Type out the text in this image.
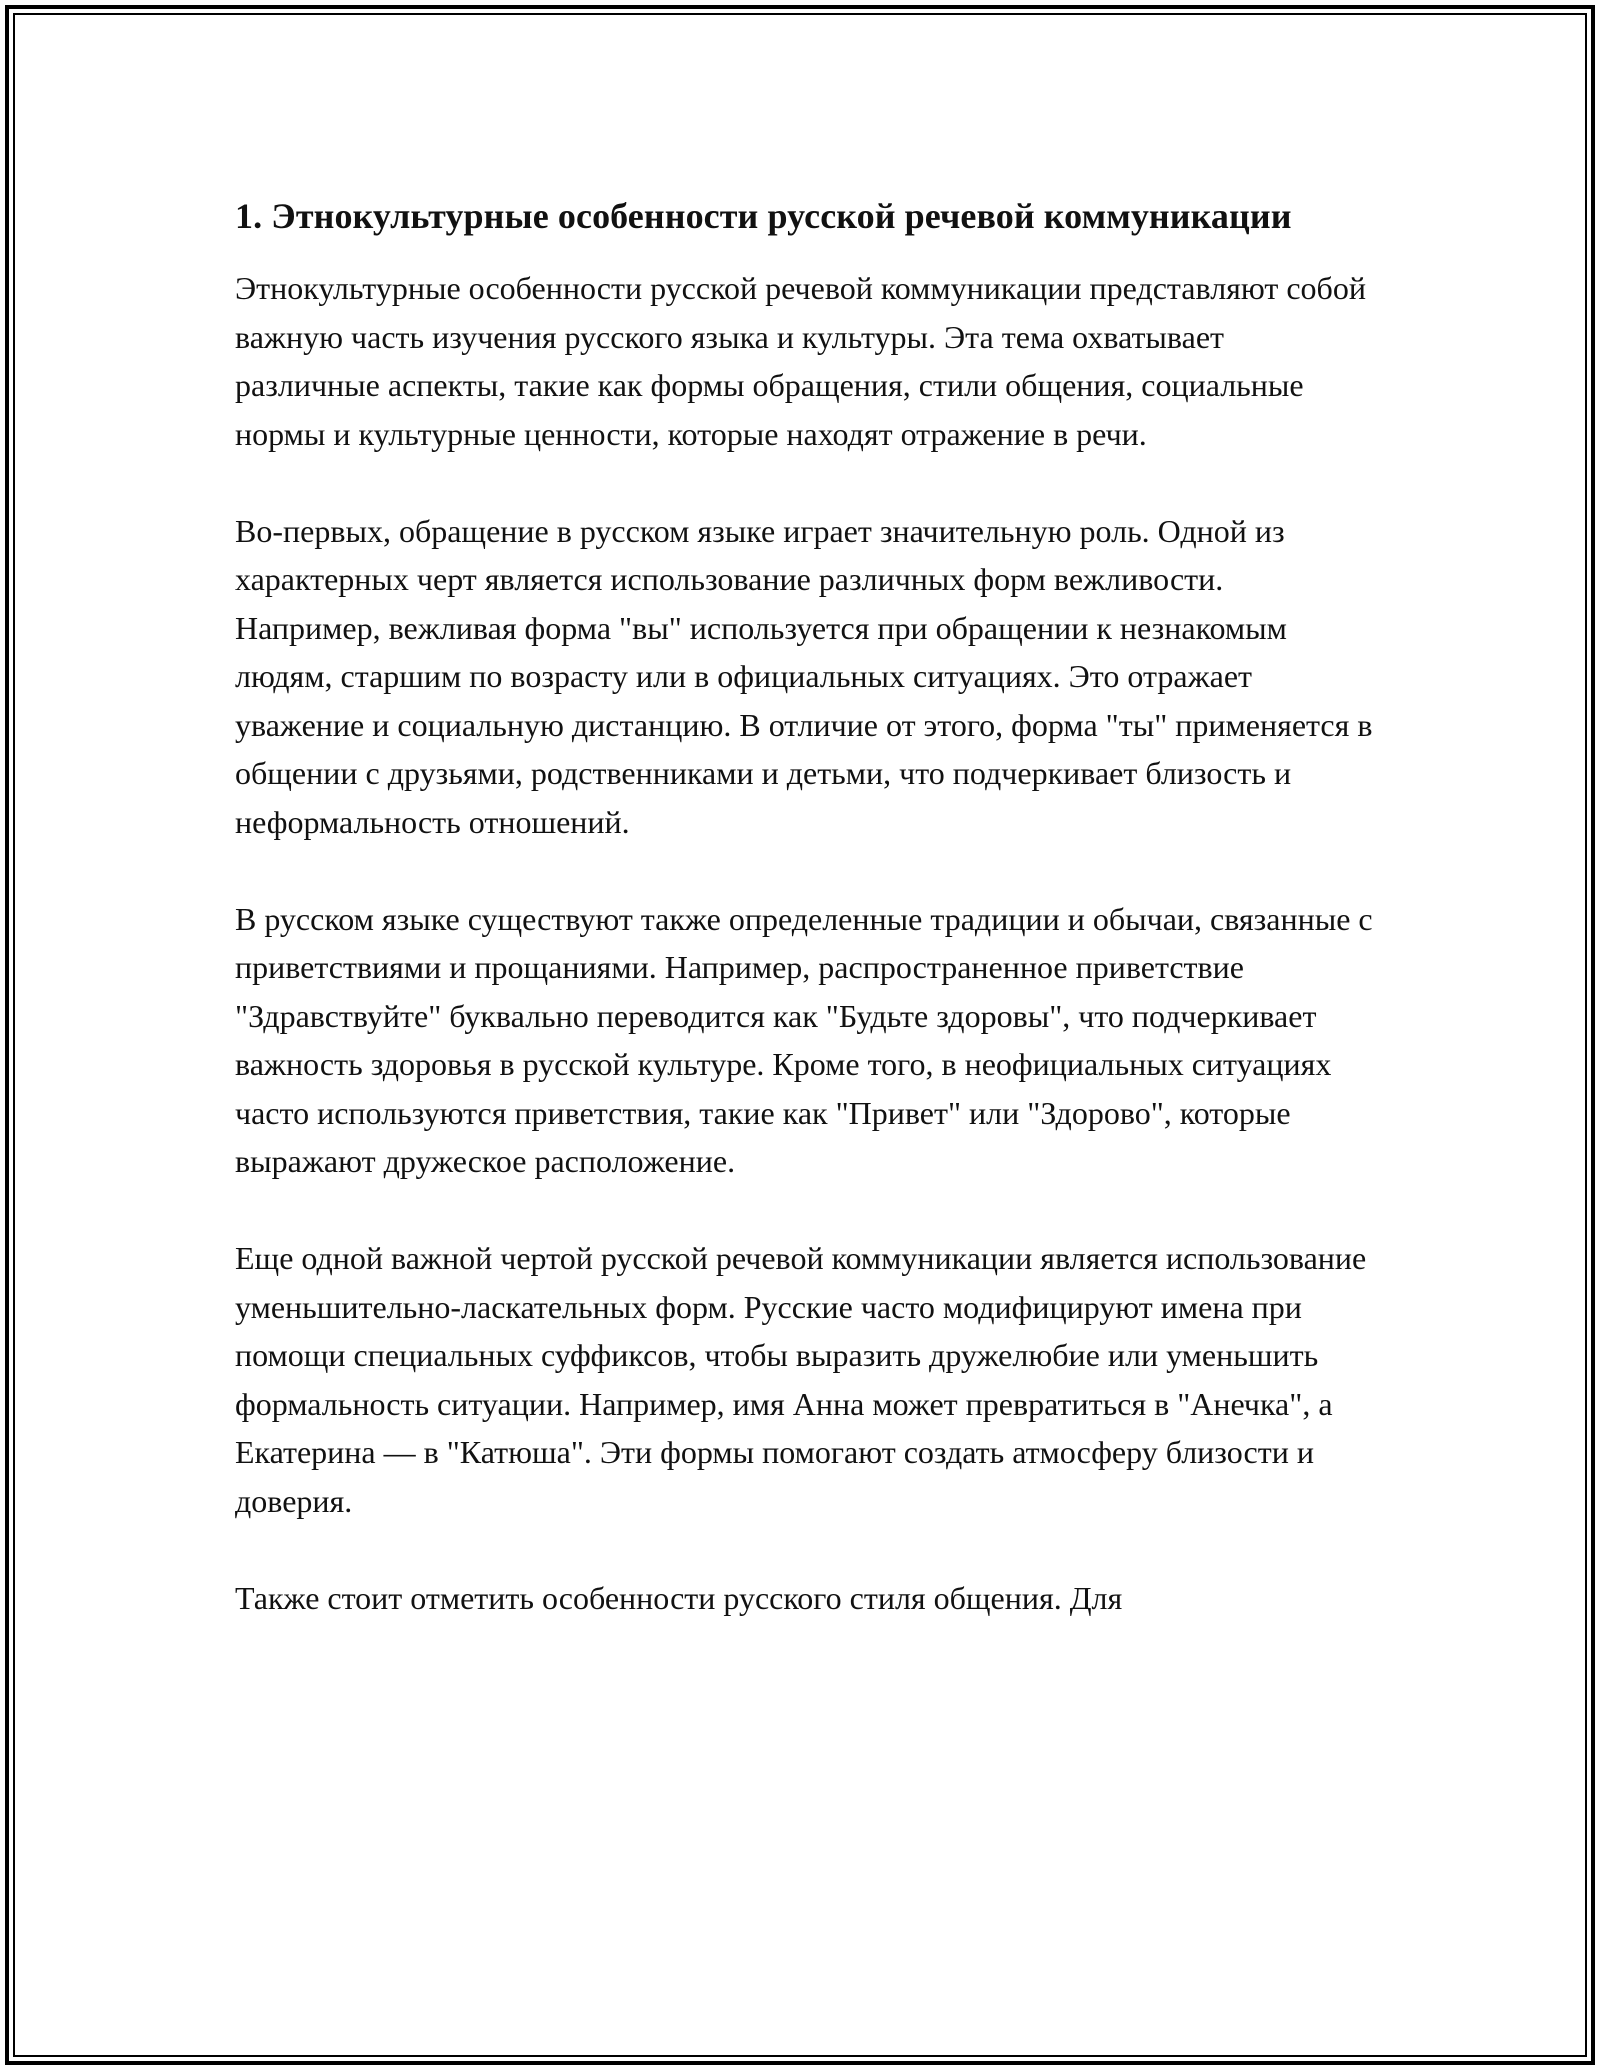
1. Этнокультурные особенности русской речевой коммуникации

Этнокультурные особенности русской речевой коммуникации представляют собой важную часть изучения русского языка и культуры. Эта тема охватывает различные аспекты, такие как формы обращения, стили общения, социальные нормы и культурные ценности, которые находят отражение в речи.

Во-первых, обращение в русском языке играет значительную роль. Одной из характерных черт является использование различных форм вежливости. Например, вежливая форма "вы" используется при обращении к незнакомым людям, старшим по возрасту или в официальных ситуациях. Это отражает уважение и социальную дистанцию. В отличие от этого, форма "ты" применяется в общении с друзьями, родственниками и детьми, что подчеркивает близость и неформальность отношений.

В русском языке существуют также определенные традиции и обычаи, связанные с приветствиями и прощаниями. Например, распространенное приветствие "Здравствуйте" буквально переводится как "Будьте здоровы", что подчеркивает важность здоровья в русской культуре. Кроме того, в неофициальных ситуациях часто используются приветствия, такие как "Привет" или "Здорово", которые выражают дружеское расположение.

Еще одной важной чертой русской речевой коммуникации является использование уменьшительно-ласкательных форм. Русские часто модифицируют имена при помощи специальных суффиксов, чтобы выразить дружелюбие или уменьшить формальность ситуации. Например, имя Анна может превратиться в "Анечка", а Екатерина — в "Катюша". Эти формы помогают создать атмосферу близости и доверия.

Также стоит отметить особенности русского стиля общения. Для
